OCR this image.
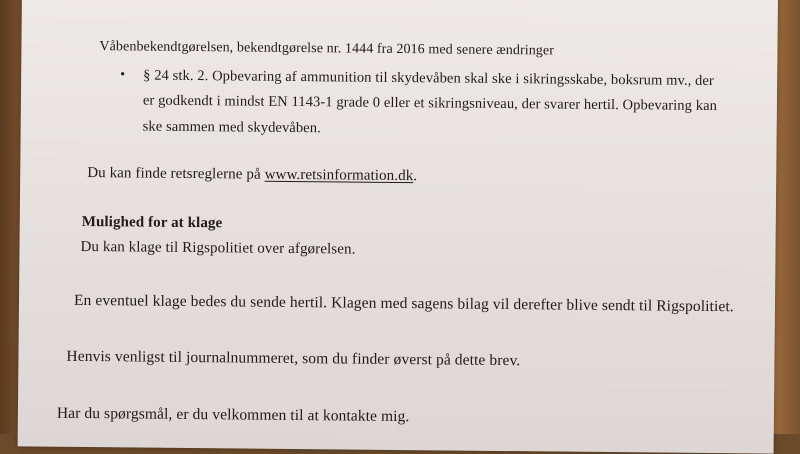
Våbenbekendtgørelsen, bekendtgørelse nr. 1444 fra 2016 med senere ændringer
• § 24 stk. 2. Opbevaring af ammunition til skydevåben skal ske i sikringsskabe, boksrum mv., der
er godkendt i mindst EN 1143-1 grade 0 eller et sikringsniveau, der svarer hertil. Opbevaring kan
ske sammen med skydevåben.
Du kan finde retsreglerne på www.retsinformation.dk.
Mulighed for at klage
Du kan klage til Rigspolitiet over afgørelsen.
En eventuel klage bedes du sende hertil. Klagen med sagens bilag vil derefter blive sendt til Rigspolitiet.
Henvis venligst til journalnummeret, som du finder øverst på dette brev.
Har du spørgsmål, er du velkommen til at kontakte mig.
